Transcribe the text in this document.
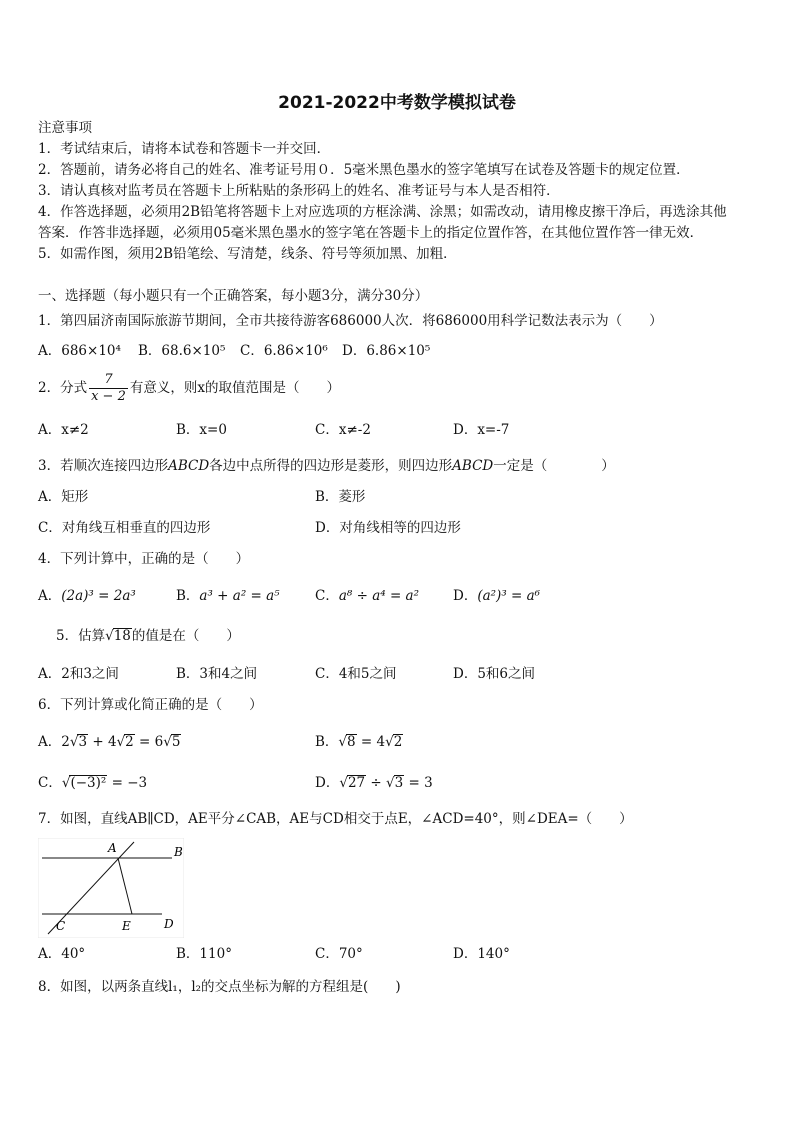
2021-2022中考数学模拟试卷
注意事项
1．考试结束后，请将本试卷和答题卡一并交回．
2．答题前，请务必将自己的姓名、准考证号用０．5毫米黑色墨水的签字笔填写在试卷及答题卡的规定位置．
3．请认真核对监考员在答题卡上所粘贴的条形码上的姓名、准考证号与本人是否相符．
4．作答选择题，必须用2B铅笔将答题卡上对应选项的方框涂满、涂黑；如需改动，请用橡皮擦干净后，再选涂其他
答案．作答非选择题，必须用05毫米黑色墨水的签字笔在答题卡上的指定位置作答，在其他位置作答一律无效．
5．如需作图，须用2B铅笔绘、写清楚，线条、符号等须加黑、加粗．
一、选择题（每小题只有一个正确答案，每小题3分，满分30分）
1．第四届济南国际旅游节期间，全市共接待游客686000人次．将686000用科学记数法表示为（　　）
A．686×10⁴ B．68.6×10⁵ C．6.86×10⁶ D．6.86×10⁵
2．分式 $\frac{7}{x - 2}$ 有意义，则x的取值范围是（　　）
A．x≠2	B．x=0	C．x≠-2	D．x=-7
3．若顺次连接四边形ABCD各边中点所得的四边形是菱形，则四边形ABCD一定是（　　　　）
A．矩形	B．菱形
C．对角线互相垂直的四边形	D．对角线相等的四边形
4．下列计算中，正确的是（　　）
A．(2a)³ = 2a³	B．a³ + a² = a⁵	C．a⁸ ÷ a⁴ = a²	D．(a²)³ = a⁶
5．估算√18的值是在（　　）
A．2和3之间	B．3和4之间	C．4和5之间	D．5和6之间
6．下列计算或化简正确的是（　　）
A．2√3 + 4√2 = 6√5	B．√8 = 4√2
C．√(−3)² = −3	D．√27 ÷ √3 = 3
7．如图，直线AB∥CD，AE平分∠CAB，AE与CD相交于点E，∠ACD=40°，则∠DEA=（　　）
A	B
C	E	D
A．40°	B．110°	C．70°	D．140°
8．如图，以两条直线l₁，l₂的交点坐标为解的方程组是(　　)
